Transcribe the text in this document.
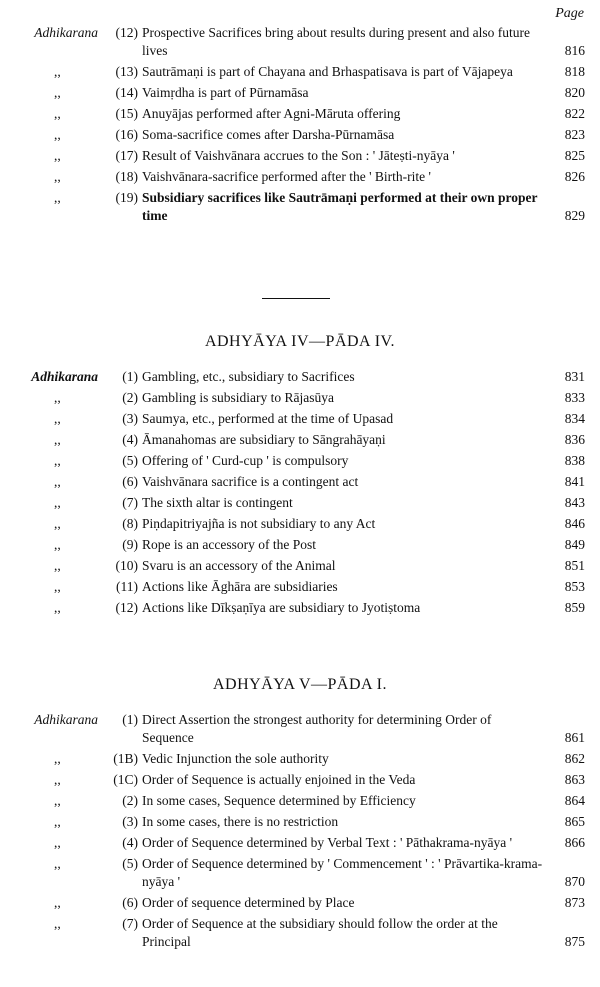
Page
Adhikarana	(12) Prospective Sacrifices bring about results during present and also future lives	816
,,	(13) Sautrāmaṇi is part of Chayana and Brhaspatisava is part of Vājapeya	818
,,	(14) Vaimṛdha is part of Pūrnamāsa	820
,,	(15) Anuyājas performed after Agni-Māruta offering	822
,,	(16) Soma-sacrifice comes after Darsha-Pūrnamāsa	823
,,	(17) Result of Vaishvānara accrues to the Son : ' Jāteṣti-nyāya '	825
,,	(18) Vaishvānara-sacrifice performed after the ' Birth-rite '	826
,,	(19) Subsidiary sacrifices like Sautrāmaṇi performed at their own proper time	829
ADHYĀYA IV—PĀDA IV.
Adhikarana	(1) Gambling, etc., subsidiary to Sacrifices	831
,,	(2) Gambling is subsidiary to Rājasūya	833
,,	(3) Saumya, etc., performed at the time of Upasad	834
,,	(4) Āmanahomas are subsidiary to Sāngrahāyaṇi	836
,,	(5) Offering of ' Curd-cup ' is compulsory	838
,,	(6) Vaishvānara sacrifice is a contingent act	841
,,	(7) The sixth altar is contingent	843
,,	(8) Piṇdapitriyajña is not subsidiary to any Act	846
,,	(9) Rope is an accessory of the Post	849
,,	(10) Svaru is an accessory of the Animal	851
,,	(11) Actions like Āghāra are subsidiaries	853
,,	(12) Actions like Dīkṣaṇīya are subsidiary to Jyotiṣtoma	859
ADHYĀYA V—PĀDA I.
Adhikarana	(1) Direct Assertion the strongest authority for determining Order of Sequence	861
,,	(1B) Vedic Injunction the sole authority	862
,,	(1C) Order of Sequence is actually enjoined in the Veda	863
,,	(2) In some cases, Sequence determined by Efficiency	864
,,	(3) In some cases, there is no restriction	865
,,	(4) Order of Sequence determined by Verbal Text : ' Pāthakrama-nyāya '	866
,,	(5) Order of Sequence determined by ' Commencement ' : ' Prāvartika-krama-nyāya '	870
,,	(6) Order of sequence determined by Place	873
,,	(7) Order of Sequence at the subsidiary should follow the order at the Principal	875
